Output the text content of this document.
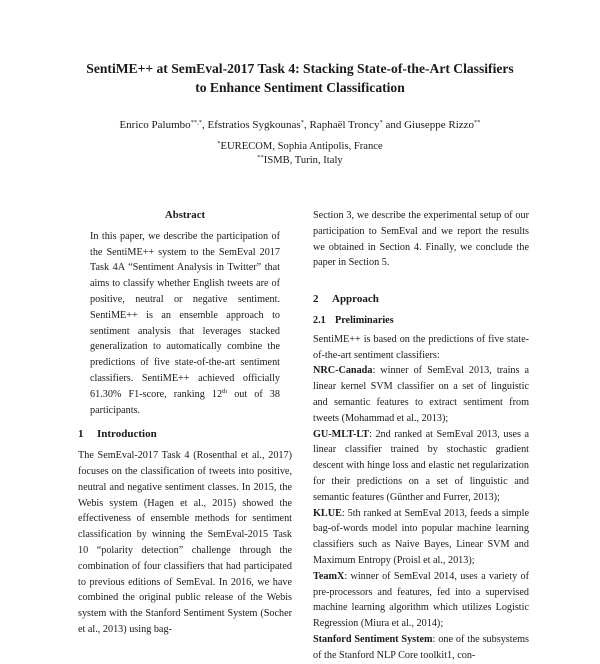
SentiME++ at SemEval-2017 Task 4: Stacking State-of-the-Art Classifiers
to Enhance Sentiment Classification
Enrico Palumbo**,*, Efstratios Sygkounas*, Raphaël Troncy* and Giuseppe Rizzo**
*EURECOM, Sophia Antipolis, France
**ISMB, Turin, Italy
Abstract
In this paper, we describe the participation of the SentiME++ system to the SemEval 2017 Task 4A “Sentiment Analysis in Twitter” that aims to classify whether English tweets are of positive, neutral or negative sentiment. SentiME++ is an ensemble approach to sentiment analysis that leverages stacked generalization to automatically combine the predictions of five state-of-the-art sentiment classifiers. SentiME++ achieved officially 61.30% F1-score, ranking 12th out of 38 participants.
1 Introduction

The SemEval-2017 Task 4 (Rosenthal et al., 2017) focuses on the classification of tweets into positive, neutral and negative sentiment classes. In 2015, the Webis system (Hagen et al., 2015) showed the effectiveness of ensemble methods for sentiment classification by winning the SemEval-2015 Task 10 “polarity detection” challenge through the combination of four classifiers that had participated to previous editions of SemEval. In 2016, we have combined the original public release of the Webis system with the Stanford Sentiment System (Socher et al., 2013) using bag-

Section 3, we describe the experimental setup of our participation to SemEval and we report the results we obtained in Section 4. Finally, we conclude the paper in Section 5.

2 Approach
2.1 Preliminaries

SentiME++ is based on the predictions of five state-of-the-art sentiment classifiers:

NRC-Canada: winner of SemEval 2013, trains a linear kernel SVM classifier on a set of linguistic and semantic features to extract sentiment from tweets (Mohammad et al., 2013);

GU-MLT-LT: 2nd ranked at SemEval 2013, uses a linear classifier trained by stochastic gradient descent with hinge loss and elastic net regularization for their predictions on a set of linguistic and semantic features (Günther and Furrer, 2013);

KLUE: 5th ranked at SemEval 2013, feeds a simple bag-of-words model into popular machine learning classifiers such as Naive Bayes, Linear SVM and Maximum Entropy (Proisl et al., 2013);

TeamX: winner of SemEval 2014, uses a variety of pre-processors and features, fed into a supervised machine learning algorithm which utilizes Logistic Regression (Miura et al., 2014);

Stanford Sentiment System: one of the subsystems of the Stanford NLP Core toolkit1, con-
